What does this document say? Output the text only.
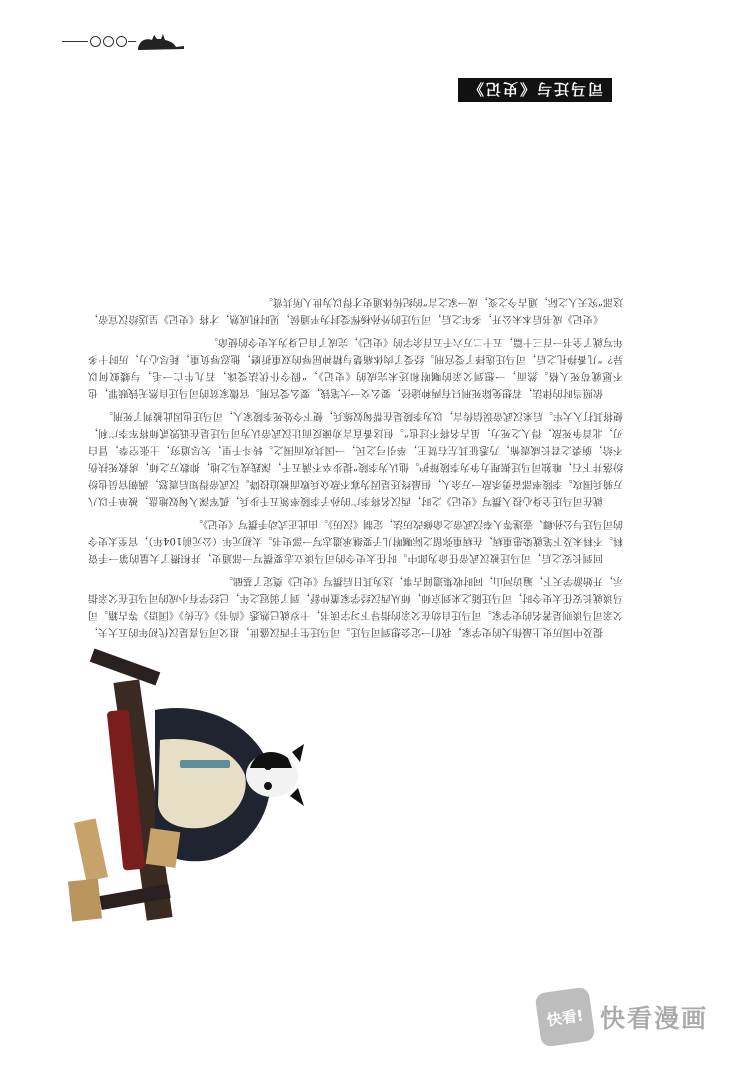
司马迁与《史记》

提及中国历史上最伟大的史学家，我们一定会想到司马迁。司马迁生于西汉盛世，祖父司马喜是汉代初年的五大夫，父亲司马谈则是著名的史学家。司马迁自幼在父亲的指导下习字读书，十岁就已熟悉《尚书》《左传》《国语》等古籍。司马谈就长安任太史令时，司马迁随之来到京师，师从西汉经学家董仲舒，到了弱冠之年，已经学有小成的司马迁在父亲指示，开始游学天下，遍访河山，同时收集遗闻古事，这为其日后撰写《史记》奠定了基础。

回到长安之后，司马迁被汉武帝任命为郎中。时任太史令的司马谈立志要撰写一部通史，并积攒了大量的第一手资料。不料未及下笔就染患重病，在病重弥留之际嘱咐儿子要继承遗志写一部史书。太初元年（公元前104年），官至太史令的司马迁与公孙卿、壶遂等人奉汉武帝之命修改历法，定制《汉历》。由此正式动手撰写《史记》。

就在司马迁全身心投入撰写《史记》之时，西汉名将李广的孙子李陵率领五千步兵，孤军深入匈奴地盘，被单于以八万骑兵围攻。李陵率部奋勇杀敌一万余人，但最终还是因为寡不敌众兵败而被迫投降。汉武帝得知后震怒，满朝官员也纷纷落井下石，唯独司马迁据理力争为李陵辩护。他认为李陵“提步卒不满五千，深践戎马之地，抑数万之师，虏救死扶伤不给，旃裘之君长咸震怖，乃悉征其左右贤王，举引弓之民，一国共攻而围之。转斗千里，矢尽道穷，士张空拳，冒白刃，北首争死敌，得人之死力，虽古名将不过也”。但这番直言劝谏反而让汉武帝认为司马迁是在诋毁贰师将军李广利，便将其打入大牢。后来汉武帝误信传言，以为李陵是在帮匈奴练兵，便下令处死李陵家人，司马迁也因此被判了死刑。

依照当时的律法，若想免除死刑只有两种途径，要么交一大笔钱，要么受宫刑。官微家贫的司马迁自然无钱赎罪，也不愿就苟死人格。然而，一想到父亲的嘱咐和还未完成的《史记》，“假令仆伏法受诛，若九牛亡一毛，与蝼蚁何以异？”几番挣扎之后，司马迁选择了受宫刑。经受了肉体痛楚与精神屈辱的双重折磨，他忍辱负重，耗尽心力，历时十多年写就了全书一百三十篇，五十二万六千五百余字的《史记》，完成了自己身为太史令的使命。

《史记》成书后本未公开，多年之后，司马迁的外孙杨恽受封为平通侯，见时机成熟，才将《史记》呈送给汉宣帝，这部“究天人之际，通古今之变，成一家之言”的纪传体通史才得以为世人所共赏。

快看! 快看漫画
